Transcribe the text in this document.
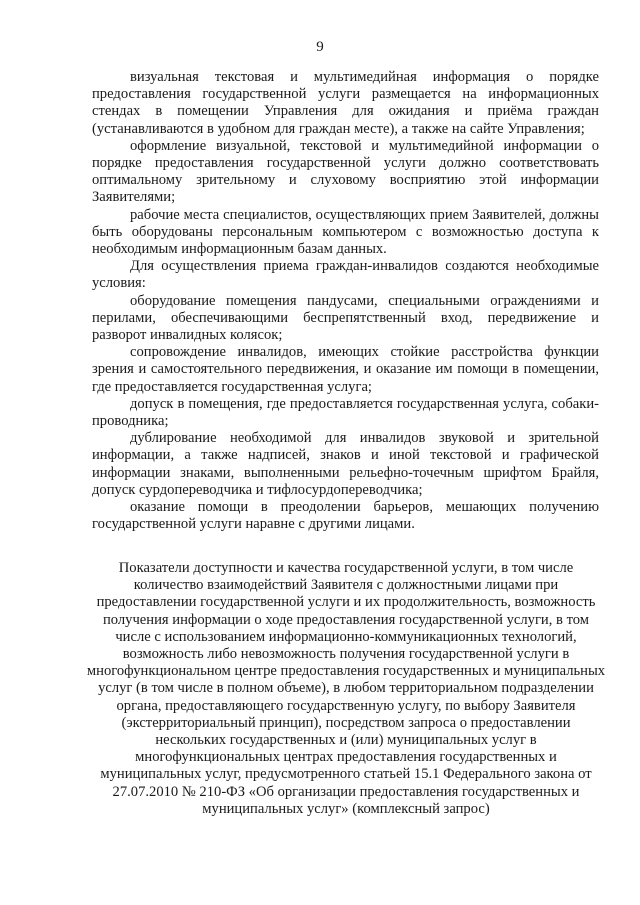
9

визуальная текстовая и мультимедийная информация о порядке предоставления государственной услуги размещается на информационных стендах в помещении Управления для ожидания и приёма граждан (устанавливаются в удобном для граждан месте), а также на сайте Управления;

оформление визуальной, текстовой и мультимедийной информации о порядке предоставления государственной услуги должно соответствовать оптимальному зрительному и слуховому восприятию этой информации Заявителями;

рабочие места специалистов, осуществляющих прием Заявителей, должны быть оборудованы персональным компьютером с возможностью доступа к необходимым информационным базам данных.

Для осуществления приема граждан-инвалидов создаются необходимые условия:

оборудование помещения пандусами, специальными ограждениями и перилами, обеспечивающими беспрепятственный вход, передвижение и разворот инвалидных колясок;

сопровождение инвалидов, имеющих стойкие расстройства функции зрения и самостоятельного передвижения, и оказание им помощи в помещении, где предоставляется государственная услуга;

допуск в помещения, где предоставляется государственная услуга, собаки-проводника;

дублирование необходимой для инвалидов звуковой и зрительной информации, а также надписей, знаков и иной текстовой и графической информации знаками, выполненными рельефно-точечным шрифтом Брайля, допуск сурдопереводчика и тифлосурдопереводчика;

оказание помощи в преодолении барьеров, мешающих получению государственной услуги наравне с другими лицами.

Показатели доступности и качества государственной услуги, в том числе количество взаимодействий Заявителя с должностными лицами при предоставлении государственной услуги и их продолжительность, возможность получения информации о ходе предоставления государственной услуги, в том числе с использованием информационно-коммуникационных технологий, возможность либо невозможность получения государственной услуги в многофункциональном центре предоставления государственных и муниципальных услуг (в том числе в полном объеме), в любом территориальном подразделении органа, предоставляющего государственную услугу, по выбору Заявителя (экстерриториальный принцип), посредством запроса о предоставлении нескольких государственных и (или) муниципальных услуг в многофункциональных центрах предоставления государственных и муниципальных услуг, предусмотренного статьей 15.1 Федерального закона от 27.07.2010 № 210-ФЗ «Об организации предоставления государственных и муниципальных услуг» (комплексный запрос)
